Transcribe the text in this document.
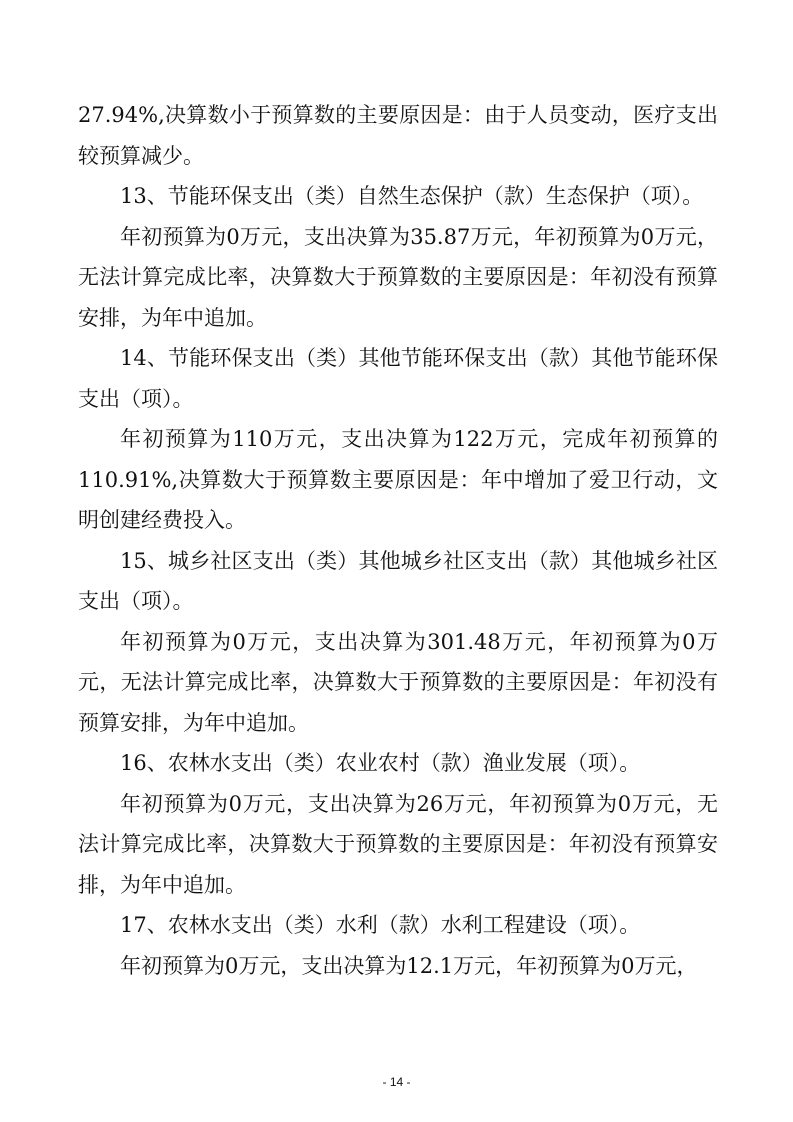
27.94%,决算数小于预算数的主要原因是：由于人员变动，医疗支出较预算减少。

13、节能环保支出（类）自然生态保护（款）生态保护（项）。

年初预算为0万元，支出决算为35.87万元，年初预算为0万元，无法计算完成比率，决算数大于预算数的主要原因是：年初没有预算安排，为年中追加。

14、节能环保支出（类）其他节能环保支出（款）其他节能环保支出（项）。

年初预算为110万元，支出决算为122万元，完成年初预算的110.91%,决算数大于预算数主要原因是：年中增加了爱卫行动，文明创建经费投入。

15、城乡社区支出（类）其他城乡社区支出（款）其他城乡社区支出（项）。

年初预算为0万元，支出决算为301.48万元，年初预算为0万元，无法计算完成比率，决算数大于预算数的主要原因是：年初没有预算安排，为年中追加。

16、农林水支出（类）农业农村（款）渔业发展（项）。

年初预算为0万元，支出决算为26万元，年初预算为0万元，无法计算完成比率，决算数大于预算数的主要原因是：年初没有预算安排，为年中追加。

17、农林水支出（类）水利（款）水利工程建设（项）。

年初预算为0万元，支出决算为12.1万元，年初预算为0万元，

- 14 -
